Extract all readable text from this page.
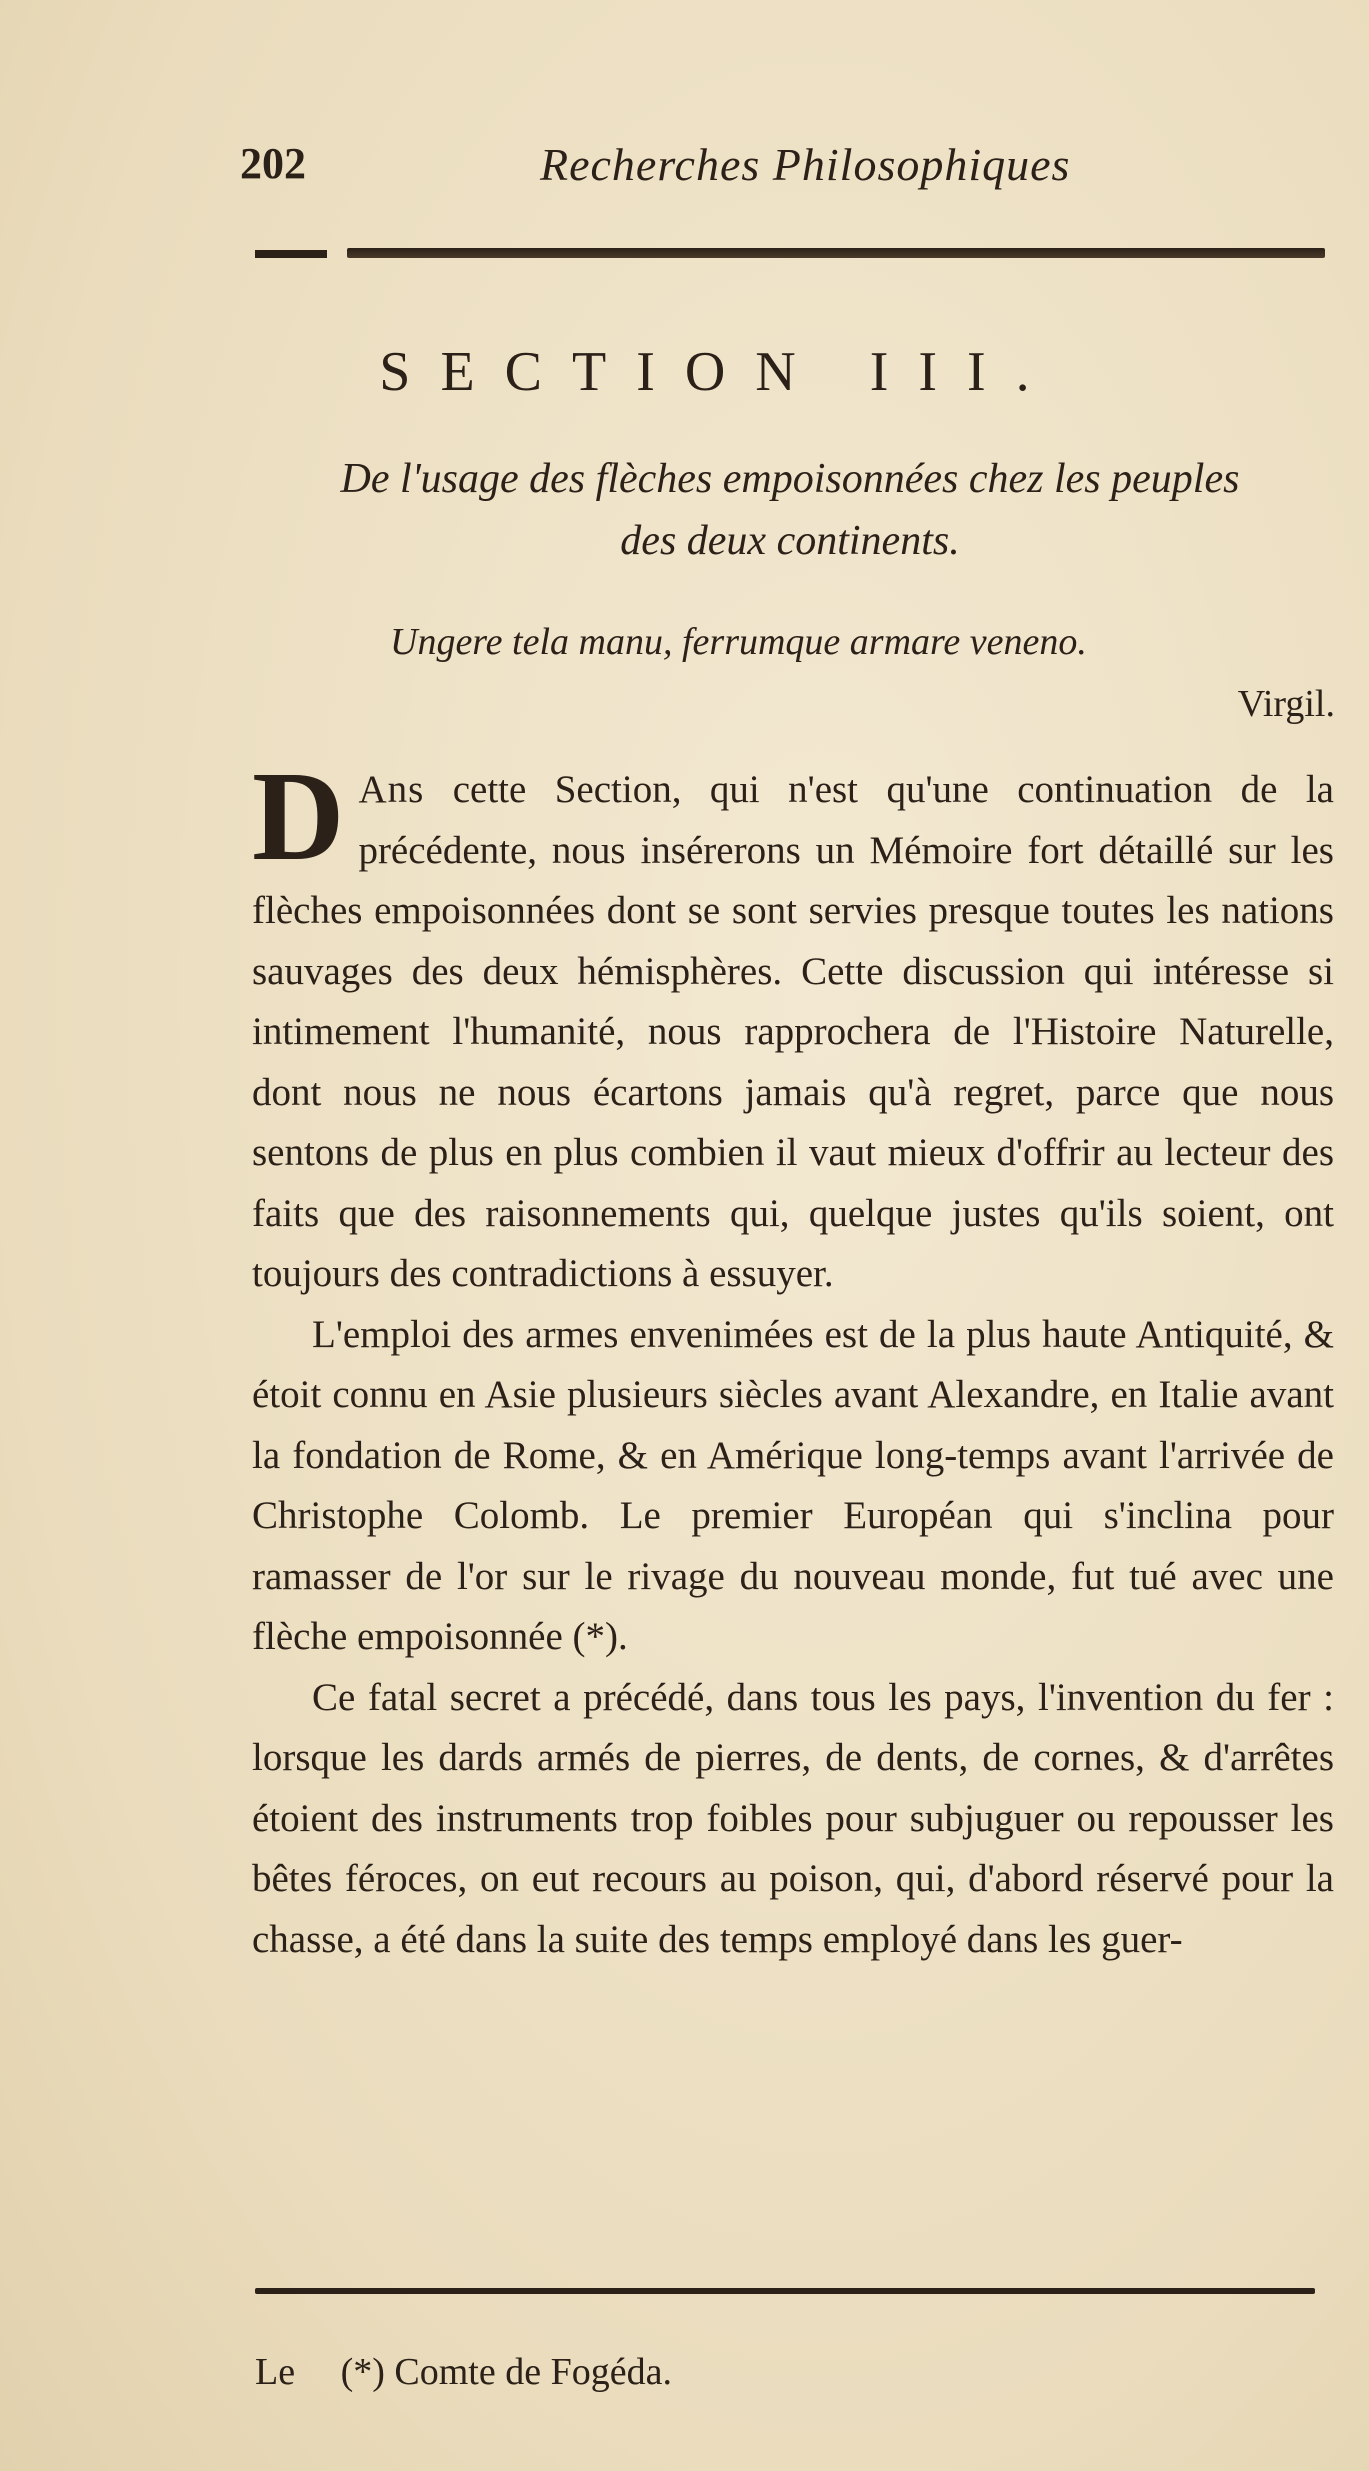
202	Recherches Philosophiques
SECTION III.
De l'usage des flèches empoisonnées chez les peuples
des deux continents.
Ungere tela manu, ferrumque armare veneno.
Virgil.

D Ans cette Section, qui n'est qu'une continuation de la précédente, nous insérerons un Mémoire fort détaillé sur les flèches empoisonnées dont se sont servies presque toutes les nations sauvages des deux hémisphères. Cette discussion qui intéresse si intimement l'humanité, nous rapprochera de l'Histoire Naturelle, dont nous ne nous écartons jamais qu'à regret, parce que nous sentons de plus en plus combien il vaut mieux d'offrir au lecteur des faits que des raisonnements qui, quelque justes qu'ils soient, ont toujours des contradictions à essuyer.

L'emploi des armes envenimées est de la plus haute Antiquité, & étoit connu en Asie plusieurs siècles avant Alexandre, en Italie avant la fondation de Rome, & en Amérique long-temps avant l'arrivée de Christophe Colomb. Le premier Européan qui s'inclina pour ramasser de l'or sur le rivage du nouveau monde, fut tué avec une flèche empoisonnée (*).

Ce fatal secret a précédé, dans tous les pays, l'invention du fer : lorsque les dards armés de pierres, de dents, de cornes, & d'arrêtes étoient des instruments trop foibles pour subjuguer ou repousser les bêtes féroces, on eut recours au poison, qui, d'abord réservé pour la chasse, a été dans la suite des temps employé dans les guer-

Le (*) Comte de Fogéda.
